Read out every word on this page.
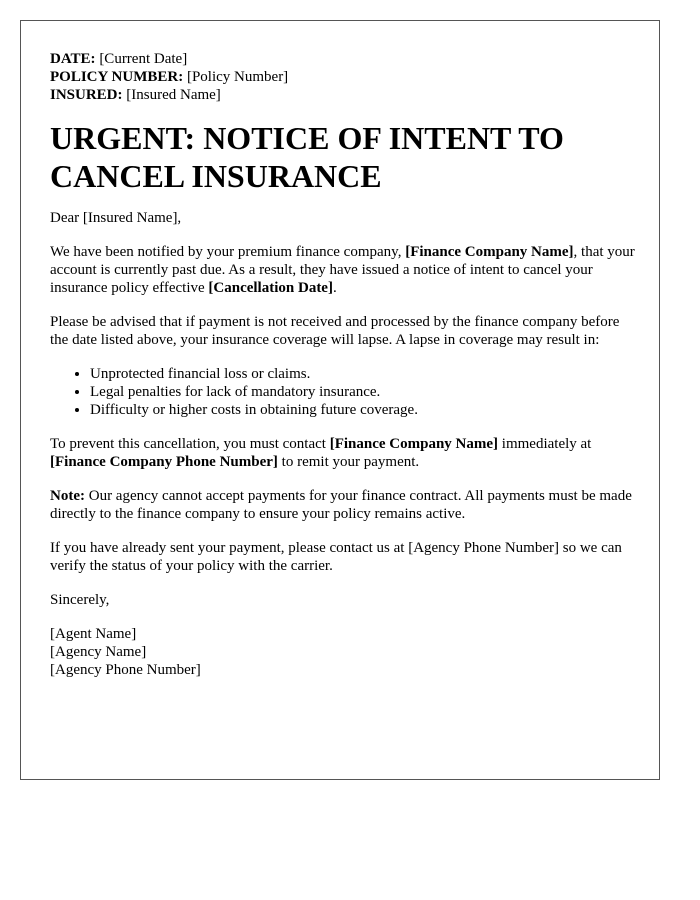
DATE: [Current Date]

POLICY NUMBER: [Policy Number]

INSURED: [Insured Name]

URGENT: NOTICE OF INTENT TO CANCEL INSURANCE

Dear [Insured Name],

We have been notified by your premium finance company, [Finance Company Name], that your account is currently past due. As a result, they have issued a notice of intent to cancel your insurance policy effective [Cancellation Date].

Please be advised that if payment is not received and processed by the finance company before the date listed above, your insurance coverage will lapse. A lapse in coverage may result in:

• Unprotected financial loss or claims.
• Legal penalties for lack of mandatory insurance.
• Difficulty or higher costs in obtaining future coverage.

To prevent this cancellation, you must contact [Finance Company Name] immediately at [Finance Company Phone Number] to remit your payment.

Note: Our agency cannot accept payments for your finance contract. All payments must be made directly to the finance company to ensure your policy remains active.

If you have already sent your payment, please contact us at [Agency Phone Number] so we can verify the status of your policy with the carrier.

Sincerely,

[Agent Name]

[Agency Name]

[Agency Phone Number]
